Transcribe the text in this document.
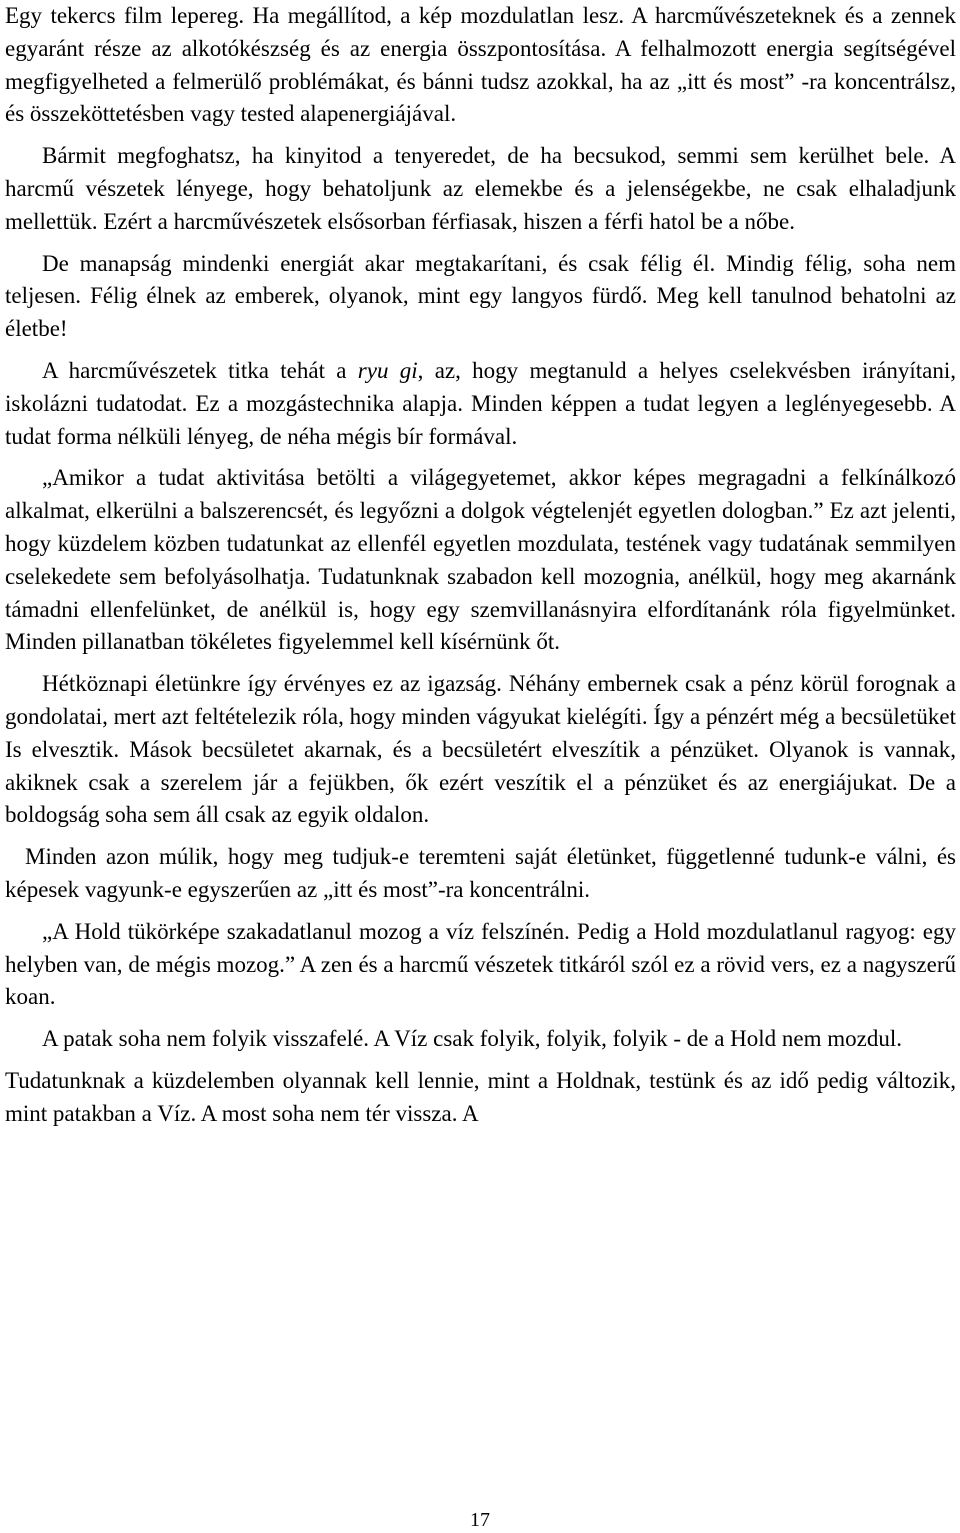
Egy tekercs film lepereg. Ha megállítod, a kép mozdulatlan lesz. A harcművészeteknek és a zennek egyaránt része az alkotókészség és az energia összpontosítása. A felhalmozott energia segítségével megfigyelheted a felmerülő problémákat, és bánni tudsz azokkal, ha az „itt és most” -ra koncentrálsz, és összeköttetésben vagy tested alapenergiájával.

Bármit megfoghatsz, ha kinyitod a tenyeredet, de ha becsukod, semmi sem kerülhet bele. A harcmű vészetek lényege, hogy behatoljunk az elemekbe és a jelenségekbe, ne csak elhaladjunk mellettük. Ezért a harcművészetek elsősorban férfiasak, hiszen a férfi hatol be a nőbe.

De manapság mindenki energiát akar megtakarítani, és csak félig él. Mindig félig, soha nem teljesen. Félig élnek az emberek, olyanok, mint egy langyos fürdő. Meg kell tanulnod behatolni az életbe!

A harcművészetek titka tehát a ryu gi, az, hogy megtanuld a helyes cselekvésben irányítani, iskolázni tudatodat. Ez a mozgástechnika alapja. Minden képpen a tudat legyen a leglényegesebb. A tudat forma nélküli lényeg, de néha mégis bír formával.

„Amikor a tudat aktivitása betölti a világegyetemet, akkor képes megragadni a felkínálkozó alkalmat, elkerülni a balszerencsét, és legyőzni a dolgok végtelenjét egyetlen dologban.” Ez azt jelenti, hogy küzdelem közben tudatunkat az ellenfél egyetlen mozdulata, testének vagy tudatának semmilyen cselekedete sem befolyásolhatja. Tudatunknak szabadon kell mozognia, anélkül, hogy meg akarnánk támadni ellenfelünket, de anélkül is, hogy egy szemvillanásnyira elfordítanánk róla figyelmünket. Minden pillanatban tökéletes figyelemmel kell kísérnünk őt.

Hétköznapi életünkre így érvényes ez az igazság. Néhány embernek csak a pénz körül forognak a gondolatai, mert azt feltételezik róla, hogy minden vágyukat kielégíti. Így a pénzért még a becsületüket Is elvesztik. Mások becsületet akarnak, és a becsületért elveszítik a pénzüket. Olyanok is vannak, akiknek csak a szerelem jár a fejükben, ők ezért veszítik el a pénzüket és az energiájukat. De a boldogság soha sem áll csak az egyik oldalon.

Minden azon múlik, hogy meg tudjuk-e teremteni saját életünket, függetlenné tudunk-e válni, és képesek vagyunk-e egyszerűen az „itt és most”-ra koncentrálni.

„A Hold tükörképe szakadatlanul mozog a víz felszínén. Pedig a Hold mozdulatlanul ragyog: egy helyben van, de mégis mozog.” A zen és a harcmű vészetek titkáról szól ez a rövid vers, ez a nagyszerű koan.

A patak soha nem folyik visszafelé. A Víz csak folyik, folyik, folyik - de a Hold nem mozdul.

Tudatunknak a küzdelemben olyannak kell lennie, mint a Holdnak, testünk és az idő pedig változik, mint patakban a Víz. A most soha nem tér vissza. A

17
